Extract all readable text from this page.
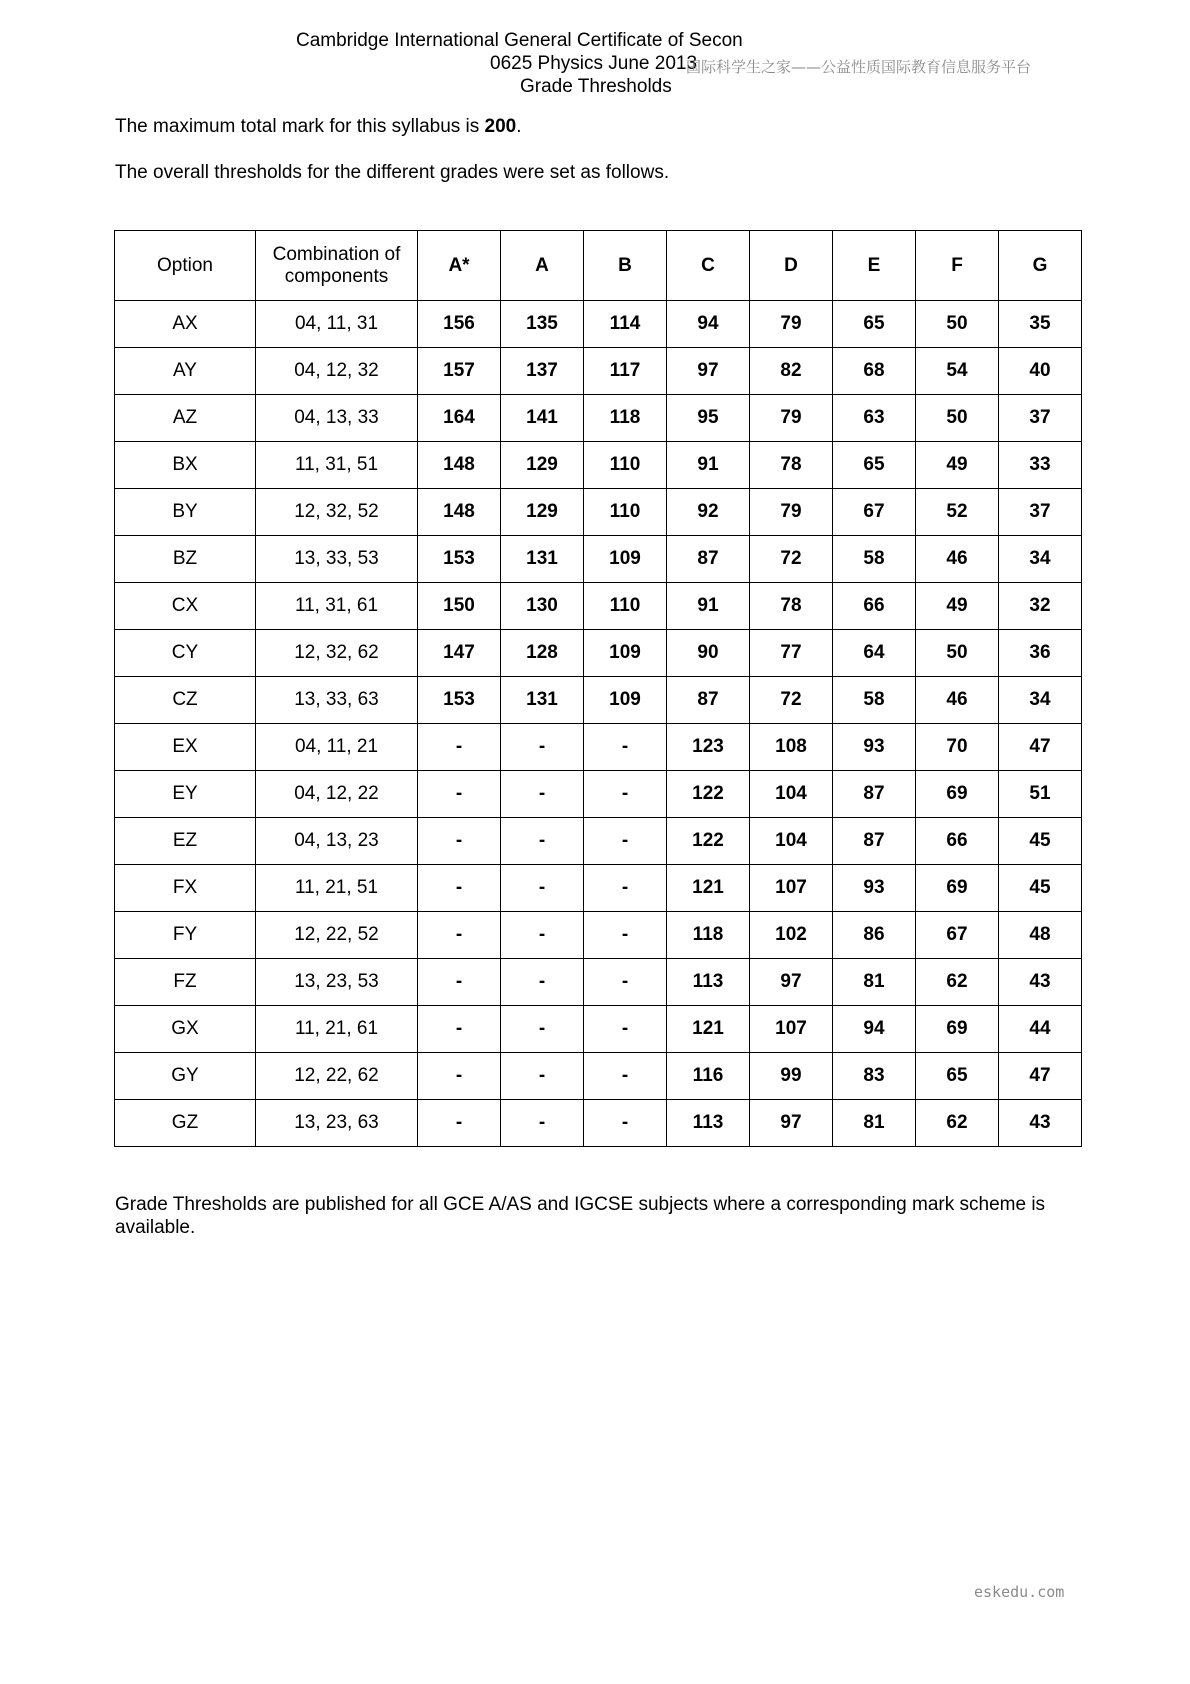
Cambridge International General Certificate of Secon
0625 Physics June 2013
Grade Thresholds
国际科学生之家——公益性质国际教育信息服务平台
The maximum total mark for this syllabus is 200.
The overall thresholds for the different grades were set as follows.
Option	Combination of components	A*	A	B	C	D	E	F	G
AX	04, 11, 31	156	135	114	94	79	65	50	35
AY	04, 12, 32	157	137	117	97	82	68	54	40
AZ	04, 13, 33	164	141	118	95	79	63	50	37
BX	11, 31, 51	148	129	110	91	78	65	49	33
BY	12, 32, 52	148	129	110	92	79	67	52	37
BZ	13, 33, 53	153	131	109	87	72	58	46	34
CX	11, 31, 61	150	130	110	91	78	66	49	32
CY	12, 32, 62	147	128	109	90	77	64	50	36
CZ	13, 33, 63	153	131	109	87	72	58	46	34
EX	04, 11, 21	-	-	-	123	108	93	70	47
EY	04, 12, 22	-	-	-	122	104	87	69	51
EZ	04, 13, 23	-	-	-	122	104	87	66	45
FX	11, 21, 51	-	-	-	121	107	93	69	45
FY	12, 22, 52	-	-	-	118	102	86	67	48
FZ	13, 23, 53	-	-	-	113	97	81	62	43
GX	11, 21, 61	-	-	-	121	107	94	69	44
GY	12, 22, 62	-	-	-	116	99	83	65	47
GZ	13, 23, 63	-	-	-	113	97	81	62	43
Grade Thresholds are published for all GCE A/AS and IGCSE subjects where a corresponding mark scheme is available.
eskedu.com
